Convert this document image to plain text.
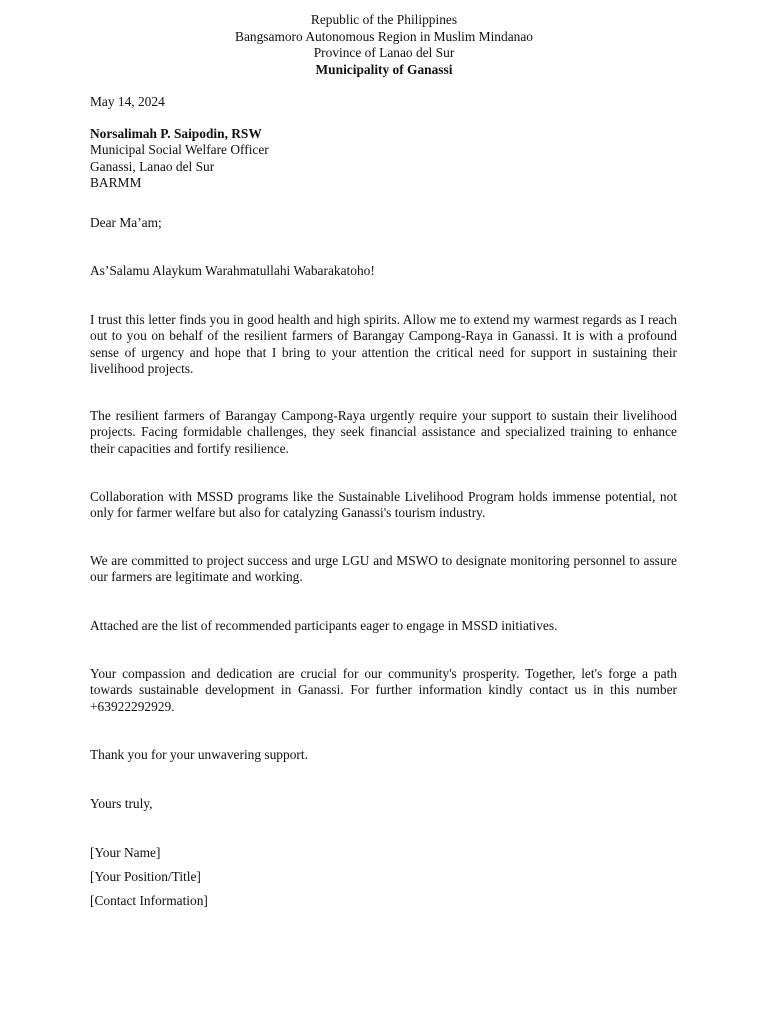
Republic of the Philippines
Bangsamoro Autonomous Region in Muslim Mindanao
Province of Lanao del Sur
Municipality of Ganassi
May 14, 2024
Norsalimah P. Saipodin, RSW
Municipal Social Welfare Officer
Ganassi, Lanao del Sur
BARMM
Dear Ma’am;
As’Salamu Alaykum Warahmatullahi Wabarakatoho!
I trust this letter finds you in good health and high spirits. Allow me to extend my warmest regards as I reach out to you on behalf of the resilient farmers of Barangay Campong-Raya in Ganassi. It is with a profound sense of urgency and hope that I bring to your attention the critical need for support in sustaining their livelihood projects.
The resilient farmers of Barangay Campong-Raya urgently require your support to sustain their livelihood projects. Facing formidable challenges, they seek financial assistance and specialized training to enhance their capacities and fortify resilience.
Collaboration with MSSD programs like the Sustainable Livelihood Program holds immense potential, not only for farmer welfare but also for catalyzing Ganassi's tourism industry.
We are committed to project success and urge LGU and MSWO to designate monitoring personnel to assure our farmers are legitimate and working.
Attached are the list of recommended participants eager to engage in MSSD initiatives.
Your compassion and dedication are crucial for our community's prosperity. Together, let's forge a path towards sustainable development in Ganassi. For further information kindly contact us in this number +63922292929.
Thank you for your unwavering support.
Yours truly,
[Your Name]
[Your Position/Title]
[Contact Information]
